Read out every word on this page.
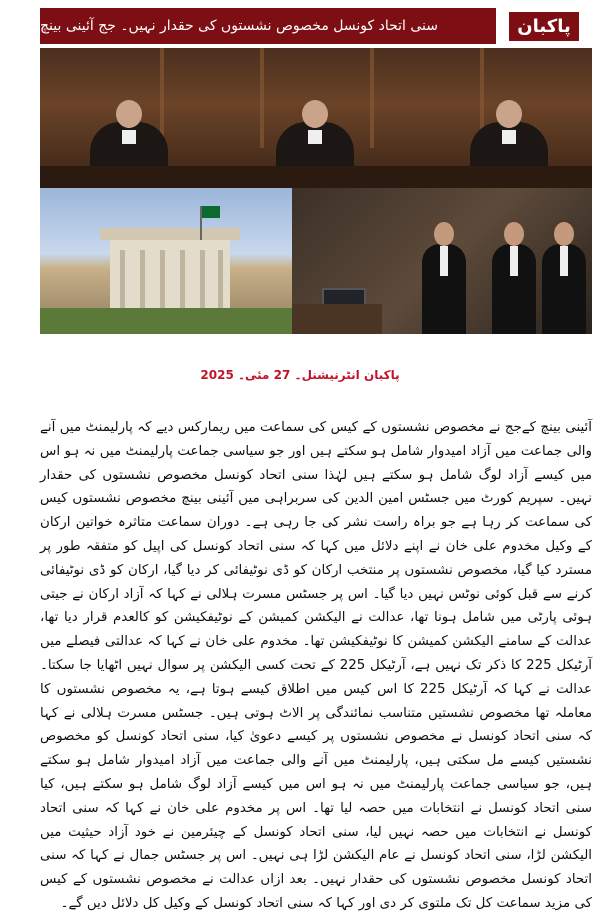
پاکبان
سنی اتحاد کونسل مخصوص نشستوں کی حقدار نہیں۔ جج آئینی بینچ
پاکبان انٹرنیشنل۔ 27 مئی۔ 2025

آئینی بینچ کےجج نے مخصوص نشستوں کے کیس کی سماعت میں ریمارکس دیے کہ پارلیمنٹ میں آنے والی جماعت میں آزاد امیدوار شامل ہو سکتے ہیں اور جو سیاسی جماعت پارلیمنٹ میں نہ ہو اس میں کیسے آزاد لوگ شامل ہو سکتے ہیں لہٰذا سنی اتحاد کونسل مخصوص نشستوں کی حقدار نہیں۔ سپریم کورٹ میں جسٹس امین الدین کی سربراہی میں آئینی بینچ مخصوص نشستوں کیس کی سماعت کر رہا ہے جو براہ راست نشر کی جا رہی ہے۔ دوران سماعت متاثرہ خواتین ارکان کے وکیل مخدوم علی خان نے اپنے دلائل میں کہا کہ سنی اتحاد کونسل کی اپیل کو متفقہ طور پر مسترد کیا گیا، مخصوص نشستوں پر منتخب ارکان کو ڈی نوٹیفائی کر دیا گیا، ارکان کو ڈی نوٹیفائی کرنے سے قبل کوئی نوٹس نہیں دیا گیا۔ اس پر جسٹس مسرت ہلالی نے کہا کہ آزاد ارکان نے جیتی ہوئی پارٹی میں شامل ہونا تھا، عدالت نے الیکشن کمیشن کے نوٹیفکیشن کو کالعدم قرار دیا تھا، عدالت کے سامنے الیکشن کمیشن کا نوٹیفکیشن تھا۔ مخدوم علی خان نے کہا کہ عدالتی فیصلے میں آرٹیکل 225 کا ذکر تک نہیں ہے، آرٹیکل 225 کے تحت کسی الیکشن پر سوال نہیں اٹھایا جا سکتا۔ عدالت نے کہا کہ آرٹیکل 225 کا اس کیس میں اطلاق کیسے ہوتا ہے، یہ مخصوص نشستوں کا معاملہ تھا مخصوص نشستیں متناسب نمائندگی پر الاٹ ہوتی ہیں۔ جسٹس مسرت ہلالی نے کہا کہ سنی اتحاد کونسل نے مخصوص نشستوں پر کیسے دعویٰ کیا، سنی اتحاد کونسل کو مخصوص نشستیں کیسے مل سکتی ہیں، پارلیمنٹ میں آنے والی جماعت میں آزاد امیدوار شامل ہو سکتے ہیں، جو سیاسی جماعت پارلیمنٹ میں نہ ہو اس میں کیسے آزاد لوگ شامل ہو سکتے ہیں، کیا سنی اتحاد کونسل نے انتخابات میں حصہ لیا تھا۔ اس پر مخدوم علی خان نے کہا کہ سنی اتحاد کونسل نے انتخابات میں حصہ نہیں لیا، سنی اتحاد کونسل کے چیئرمین نے خود آزاد حیثیت میں الیکشن لڑا، سنی اتحاد کونسل نے عام الیکشن لڑا ہی نہیں۔ اس پر جسٹس جمال نے کہا کہ سنی اتحاد کونسل مخصوص نشستوں کی حقدار نہیں۔ بعد ازاں عدالت نے مخصوص نشستوں کے کیس کی مزید سماعت کل تک ملتوی کر دی اور کہا کہ سنی اتحاد کونسل کے وکیل کل دلائل دیں گے۔
